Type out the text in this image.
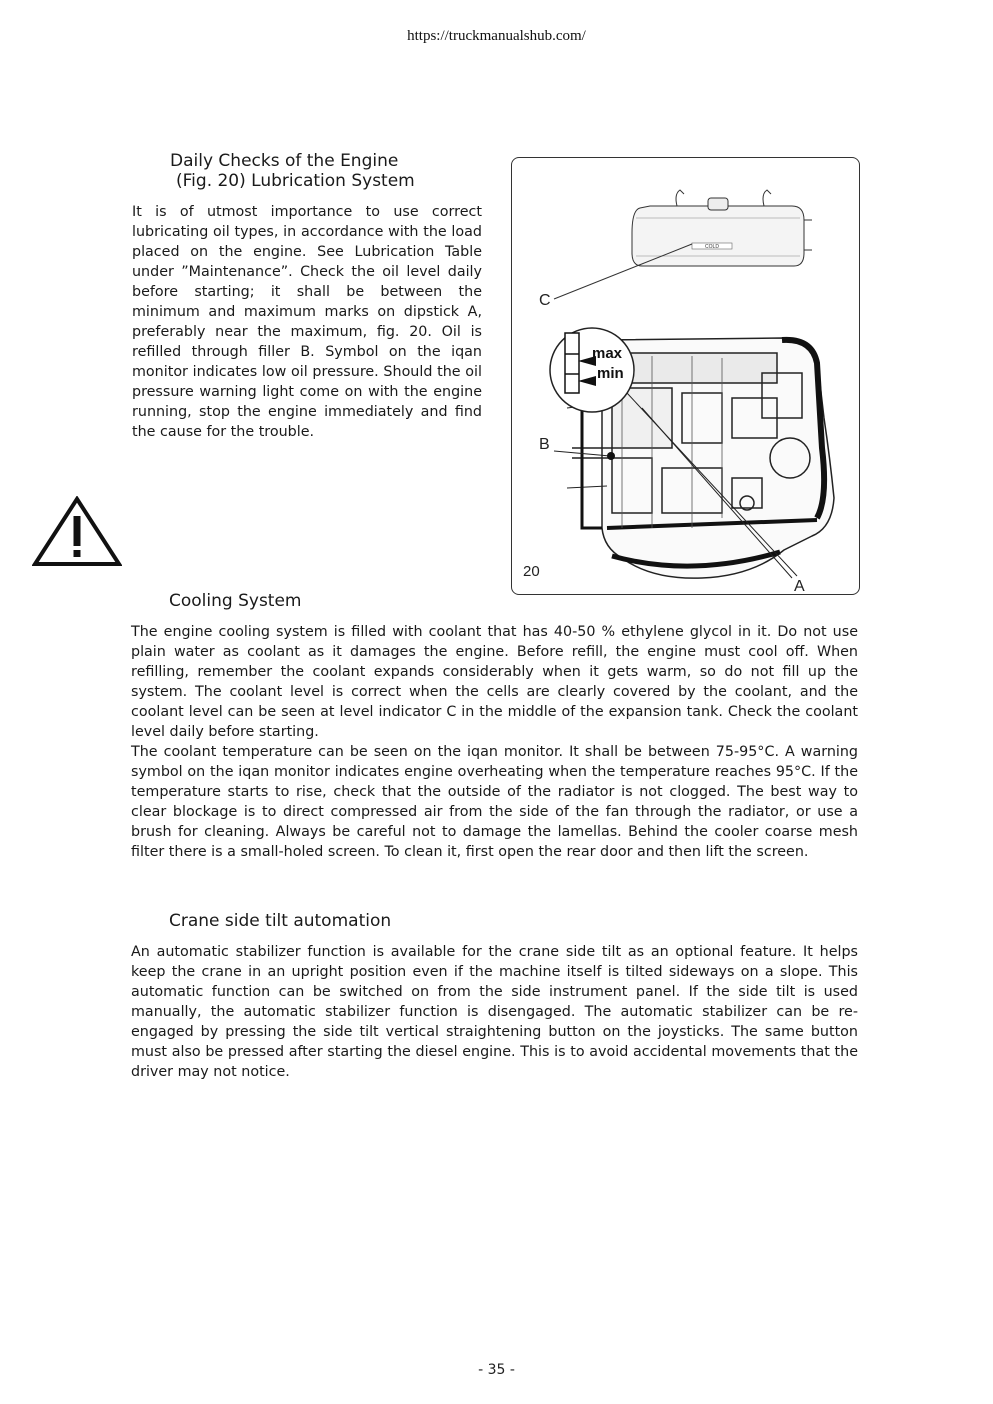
https://truckmanualshub.com/
Daily Checks of the Engine
(Fig. 20) Lubrication System

It is of utmost importance to use correct lubricating oil types, in accordance with the load placed on the engine. See Lubrication Table under ”Maintenance”. Check the oil level daily before starting; it shall be between the minimum and maximum marks on dipstick A, preferably near the maximum, fig. 20. Oil is refilled through filler B. Symbol on the iqan monitor indicates low oil pressure. Should the oil pressure warning light come on with the engine running, stop the engine immediately and find the cause for the trouble.

COLD
max
min
C
B
A
20
Cooling System

The engine cooling system is filled with coolant that has 40-50 % ethylene glycol in it. Do not use plain water as coolant as it damages the engine. Before refill, the engine must cool off. When refilling, remember the coolant expands considerably when it gets warm, so do not fill up the system. The coolant level is correct when the cells are clearly covered by the coolant, and the coolant level can be seen at level indicator C in the middle of the expansion tank. Check the coolant level daily before starting.

The coolant temperature can be seen on the iqan monitor. It shall be between 75-95°C. A warning symbol on the iqan monitor indicates engine overheating when the temperature reaches 95°C. If the temperature starts to rise, check that the outside of the radiator is not clogged. The best way to clear blockage is to direct compressed air from the side of the fan through the radiator, or use a brush for cleaning. Always be careful not to damage the lamellas. Behind the cooler coarse mesh filter there is a small-holed screen. To clean it, first open the rear door and then lift the screen.

Crane side tilt automation

An automatic stabilizer function is available for the crane side tilt as an optional feature. It helps keep the crane in an upright position even if the machine itself is tilted sideways on a slope. This automatic function can be switched on from the side instrument panel. If the side tilt is used manually, the automatic stabilizer function is disengaged. The automatic stabilizer can be re-engaged by pressing the side tilt vertical straightening button on the joysticks. The same button must also be pressed after starting the diesel engine. This is to avoid accidental movements that the driver may not notice.

- 35 -
